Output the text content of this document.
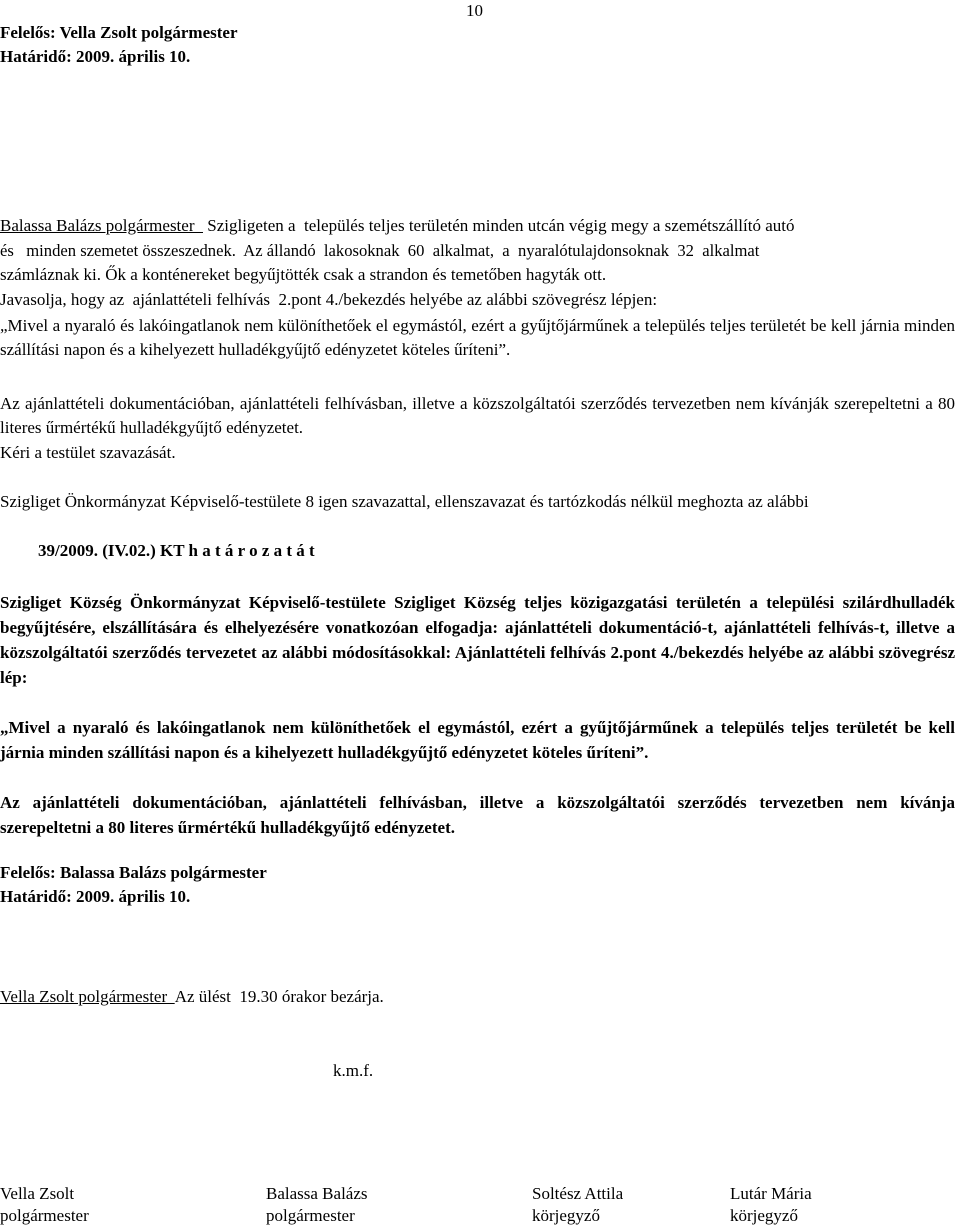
10
Felelős: Vella Zsolt polgármester
Határidő: 2009. április 10.
Balassa Balázs polgármester   Szigligeten a  település teljes területén minden utcán végig megy a szemétszállító autó
és   minden szemetet összeszednek.  Az állandó  lakosoknak  60  alkalmat,  a  nyaralótulajdonsoknak  32  alkalmat
számláznak ki. Ők a konténereket begyűjtötték csak a strandon és temetőben hagyták ott.
Javasolja, hogy az  ajánlattételi felhívás  2.pont 4./bekezdés helyébe az alábbi szövegrész lépjen:
„Mivel a nyaraló és lakóingatlanok nem különíthetőek el egymástól, ezért a gyűjtőjárműnek a település teljes területét be kell járnia minden szállítási napon és a kihelyezett hulladékgyűjtő edényzetet köteles űríteni”.
Az ajánlattételi dokumentációban, ajánlattételi felhívásban, illetve a közszolgáltatói szerződés tervezetben nem kívánják szerepeltetni a 80 literes űrmértékű hulladékgyűjtő edényzetet.
Kéri a testület szavazását.
Szigliget Önkormányzat Képviselő-testülete 8 igen szavazattal, ellenszavazat és tartózkodás nélkül meghozta az alábbi
39/2009. (IV.02.) KT h a t á r o z a t á t
Szigliget Község Önkormányzat Képviselő-testülete Szigliget Község teljes közigazgatási területén a települési szilárdhulladék begyűjtésére, elszállítására és elhelyezésére vonatkozóan elfogadja: ajánlattételi dokumentáció-t, ajánlattételi felhívás-t, illetve a közszolgáltatói szerződés tervezetet az alábbi módosításokkal: Ajánlattételi felhívás 2.pont 4./bekezdés helyébe az alábbi szövegrész lép:
„Mivel a nyaraló és lakóingatlanok nem különíthetőek el egymástól, ezért a gyűjtőjárműnek a település teljes területét be kell járnia minden szállítási napon és a kihelyezett hulladékgyűjtő edényzetet köteles űríteni”.
Az ajánlattételi dokumentációban, ajánlattételi felhívásban, illetve a közszolgáltatói szerződés tervezetben nem kívánja szerepeltetni a 80 literes űrmértékű hulladékgyűjtő edényzetet.
Felelős: Balassa Balázs polgármester
Határidő: 2009. április 10.
Vella Zsolt polgármester  Az ülést  19.30 órakor bezárja.
k.m.f.
Vella Zsolt
polgármester
Balassa Balázs
polgármester
Soltész Attila
körjegyző
Lutár Mária
körjegyző
